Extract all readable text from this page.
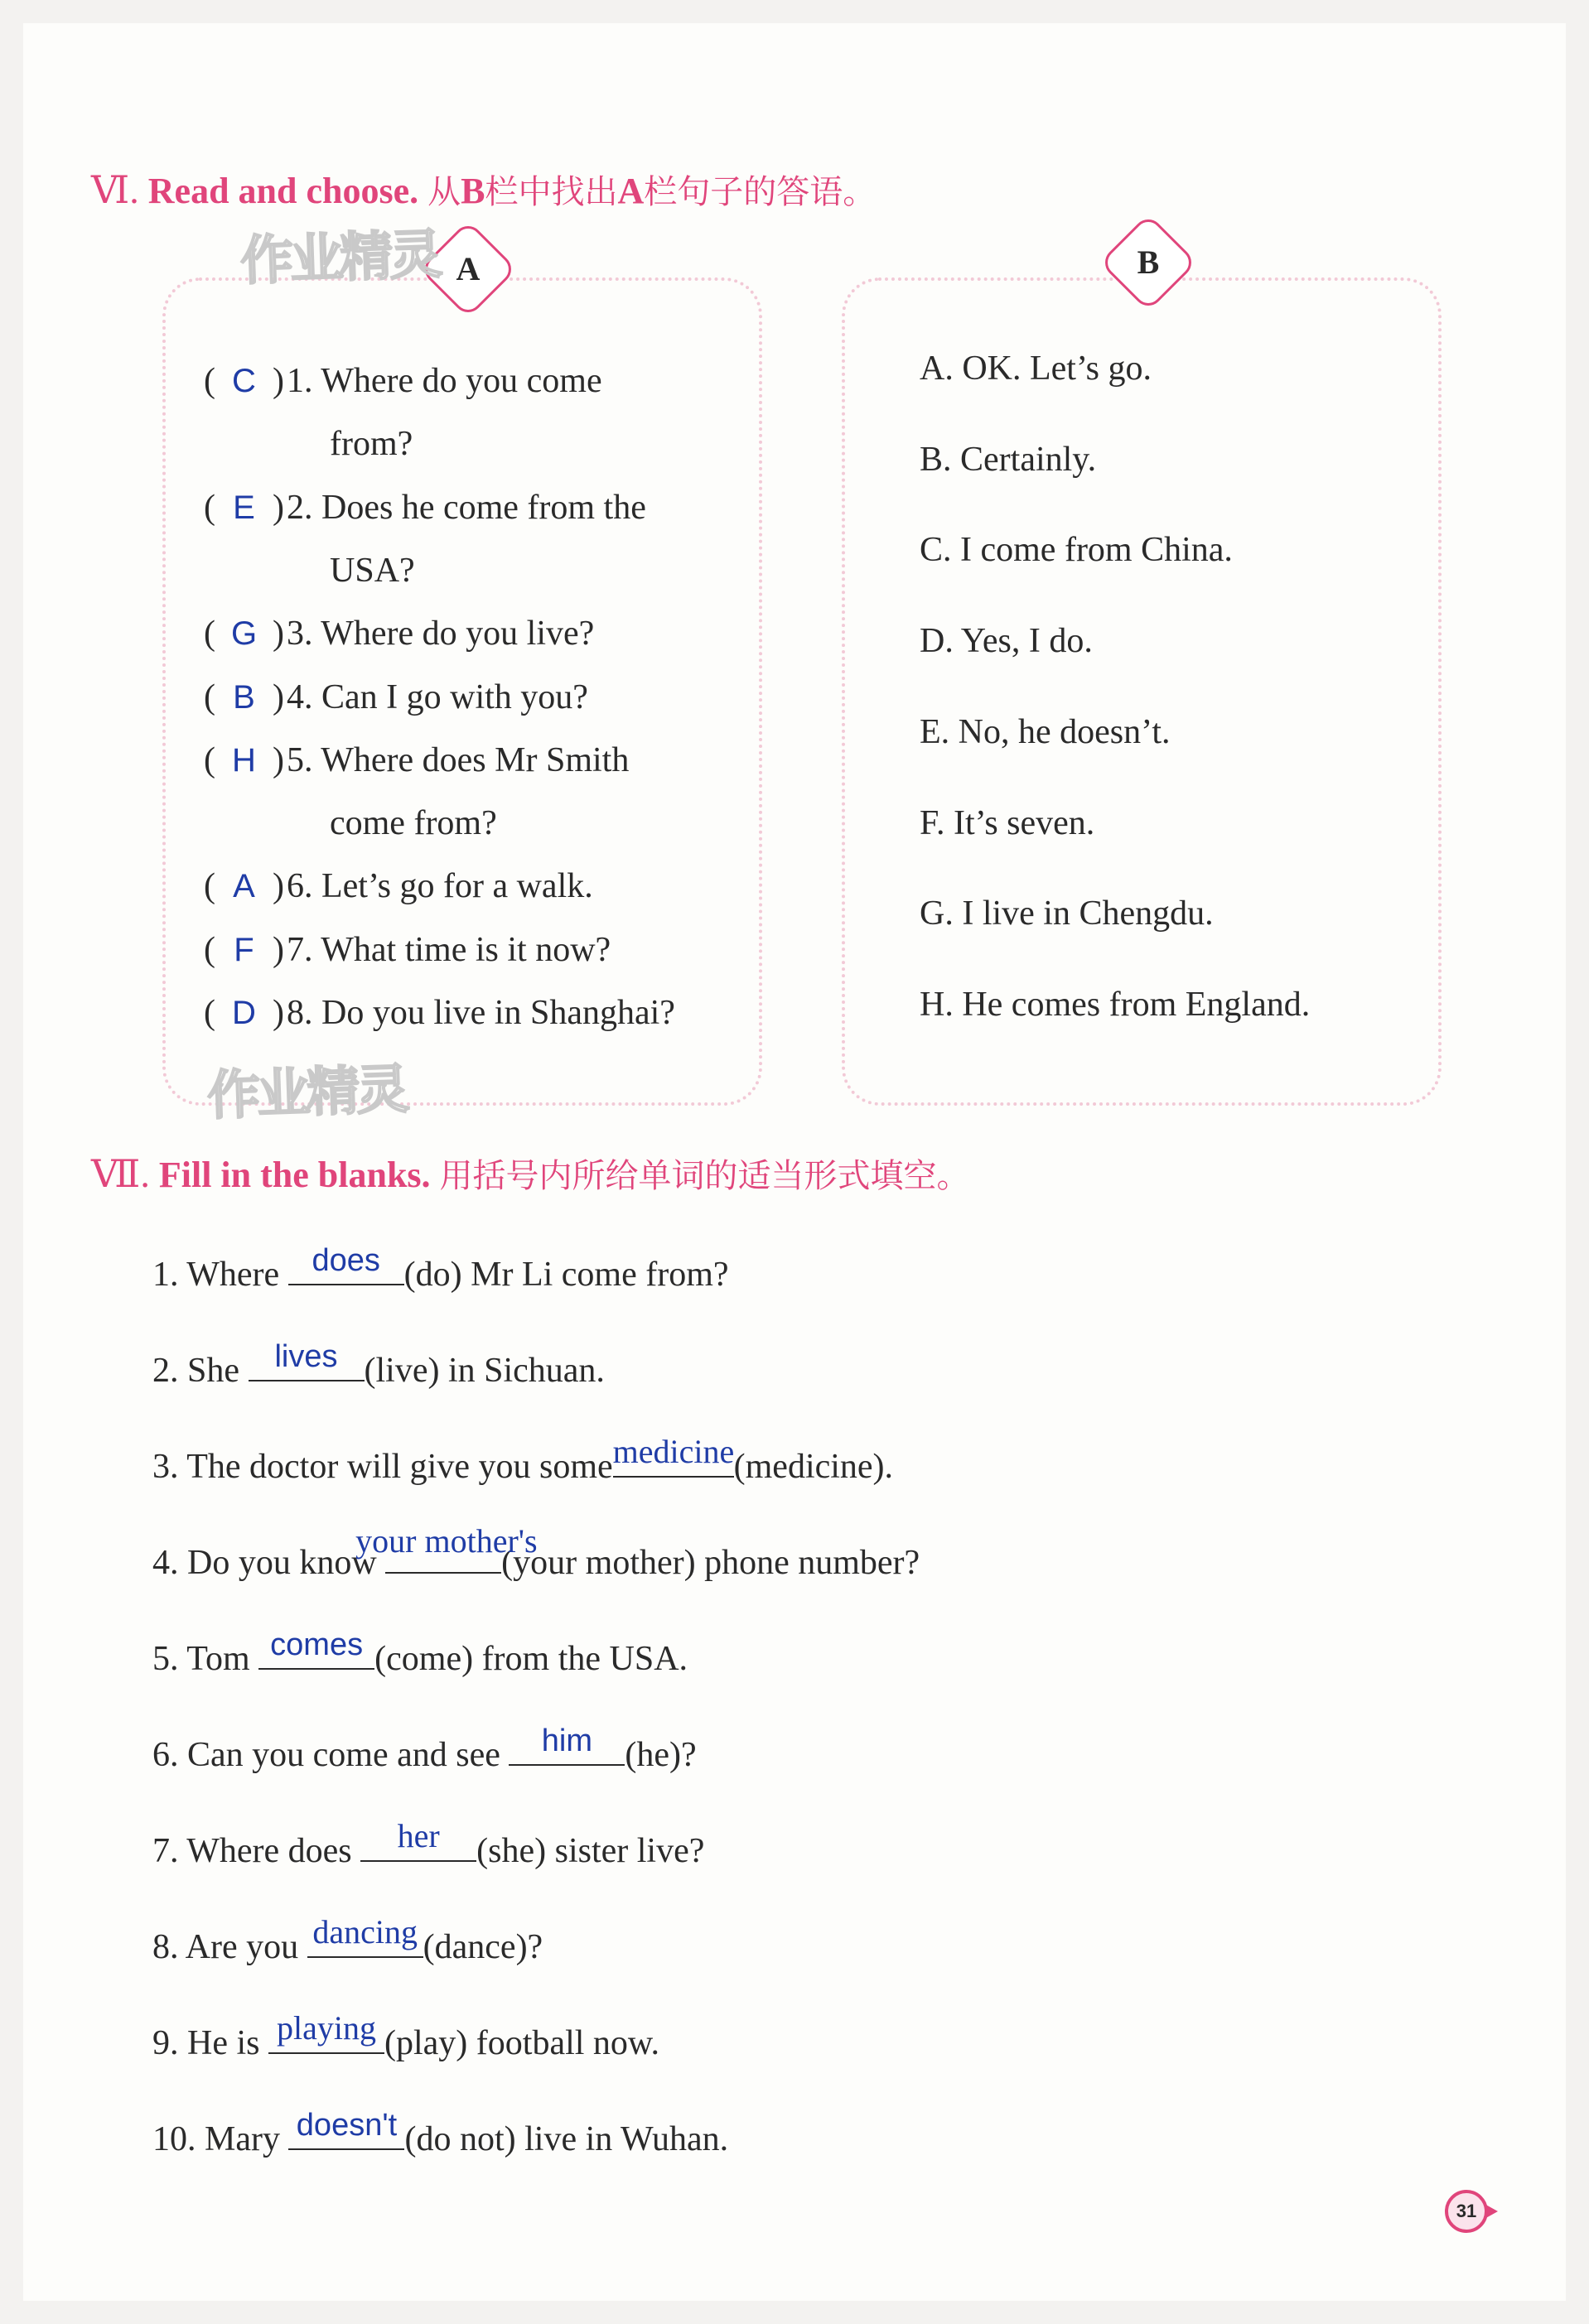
Ⅵ. Read and choose. 从B栏中找出A栏句子的答语。
A	B
作业精灵
作业精灵
( C )1. Where do you come
from?
( E )2. Does he come from the
USA?
( G )3. Where do you live?
( B )4. Can I go with you?
( H )5. Where does Mr Smith
come from?
( A )6. Let’s go for a walk.
( F )7. What time is it now?
( D )8. Do you live in Shanghai?
A. OK. Let’s go.
B. Certainly.
C. I come from China.
D. Yes, I do.
E. No, he doesn’t.
F. It’s seven.
G. I live in Chengdu.
H. He comes from England.
Ⅶ. Fill in the blanks. 用括号内所给单词的适当形式填空。
1. Where does (do) Mr Li come from?
2. She lives (live) in Sichuan.
3. The doctor will give you some medicine (medicine).
4. Do you know
your mother's
(your mother) phone number?
5. Tom comes (come) from the USA.
6. Can you come and see	him (he)?
7. Where does	her	(she) sister live?
8. Are you dancing (dance)?
9. He is playing (play) football now.
10. Mary doesn't (do not) live in Wuhan.
31
